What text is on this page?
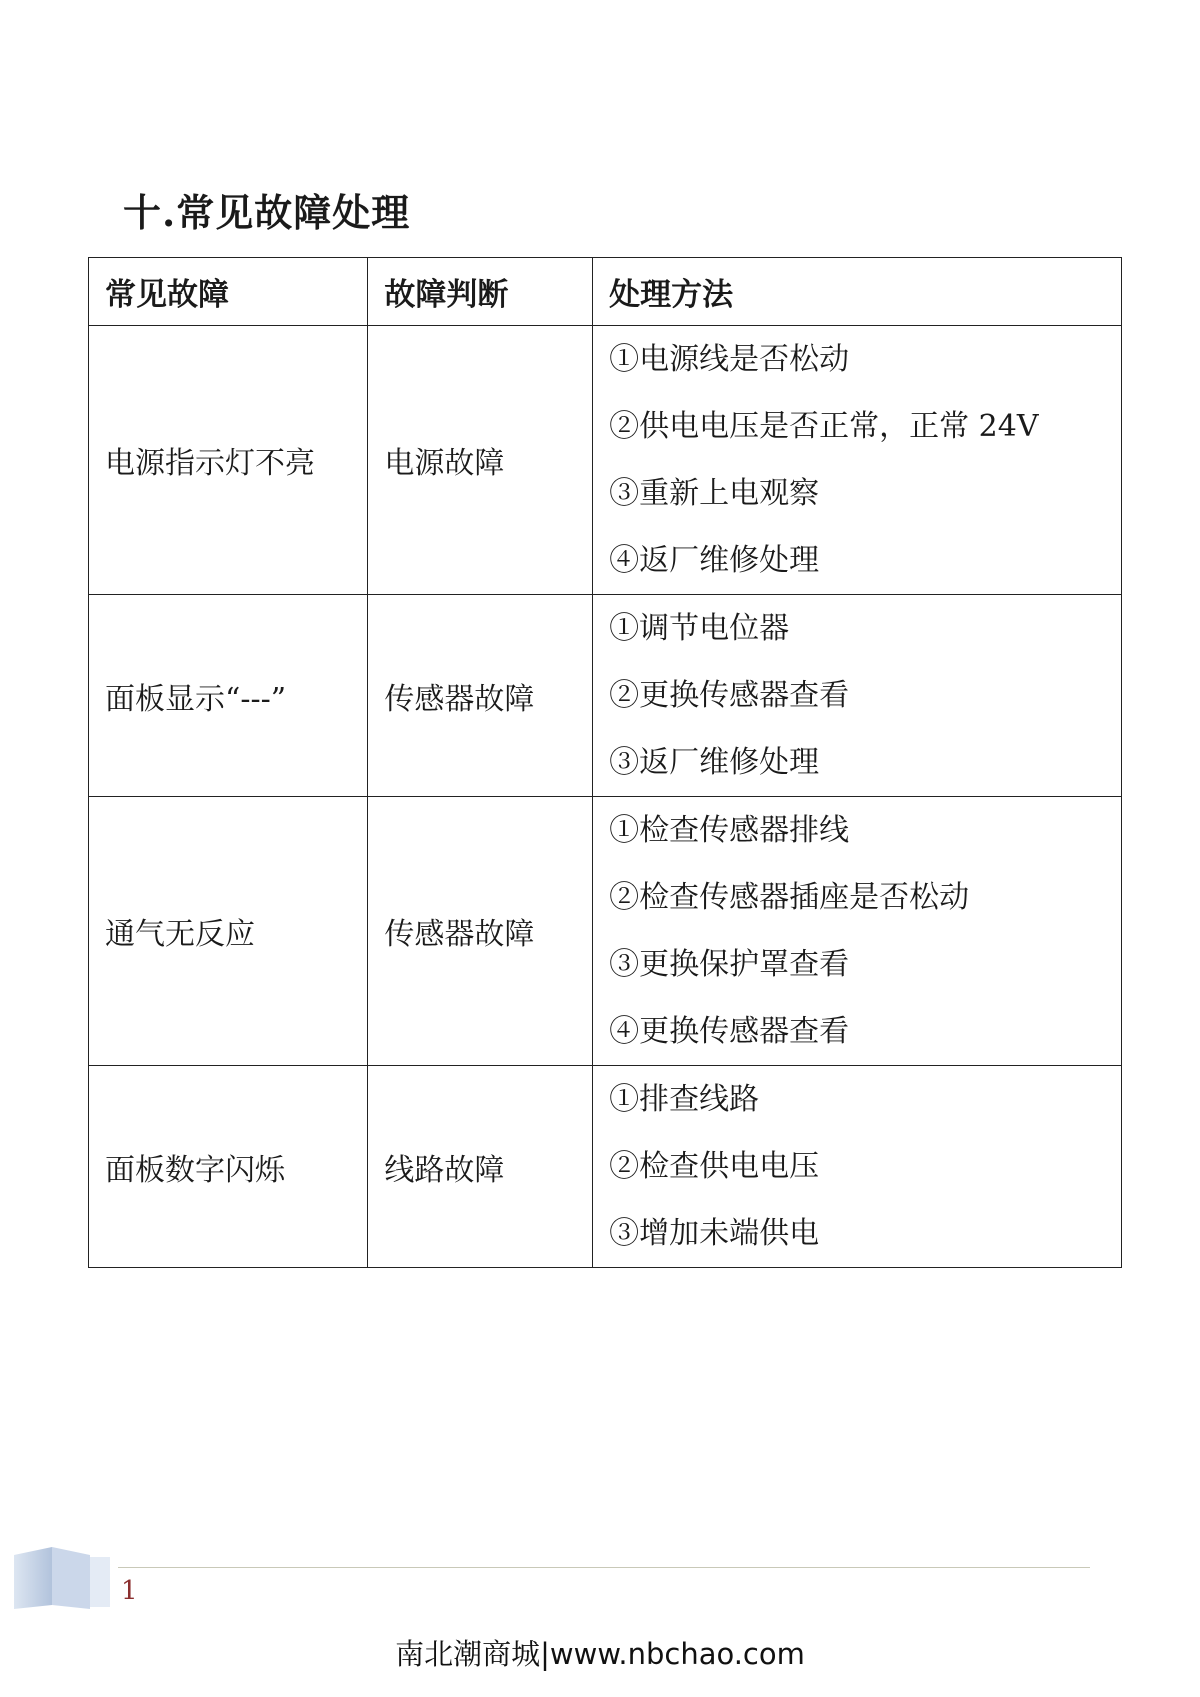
十.常见故障处理
常见故障	故障判断	处理方法
电源指示灯不亮	电源故障	①电源线是否松动
②供电电压是否正常，正常 24V
③重新上电观察
④返厂维修处理

面板显示“---”	传感器故障	①调节电位器
②更换传感器查看
③返厂维修处理

通气无反应	传感器故障	①检查传感器排线
②检查传感器插座是否松动
③更换保护罩查看
④更换传感器查看

面板数字闪烁	线路故障	①排查线路
②检查供电电压
③增加未端供电
1
南北潮商城|www.nbchao.com
